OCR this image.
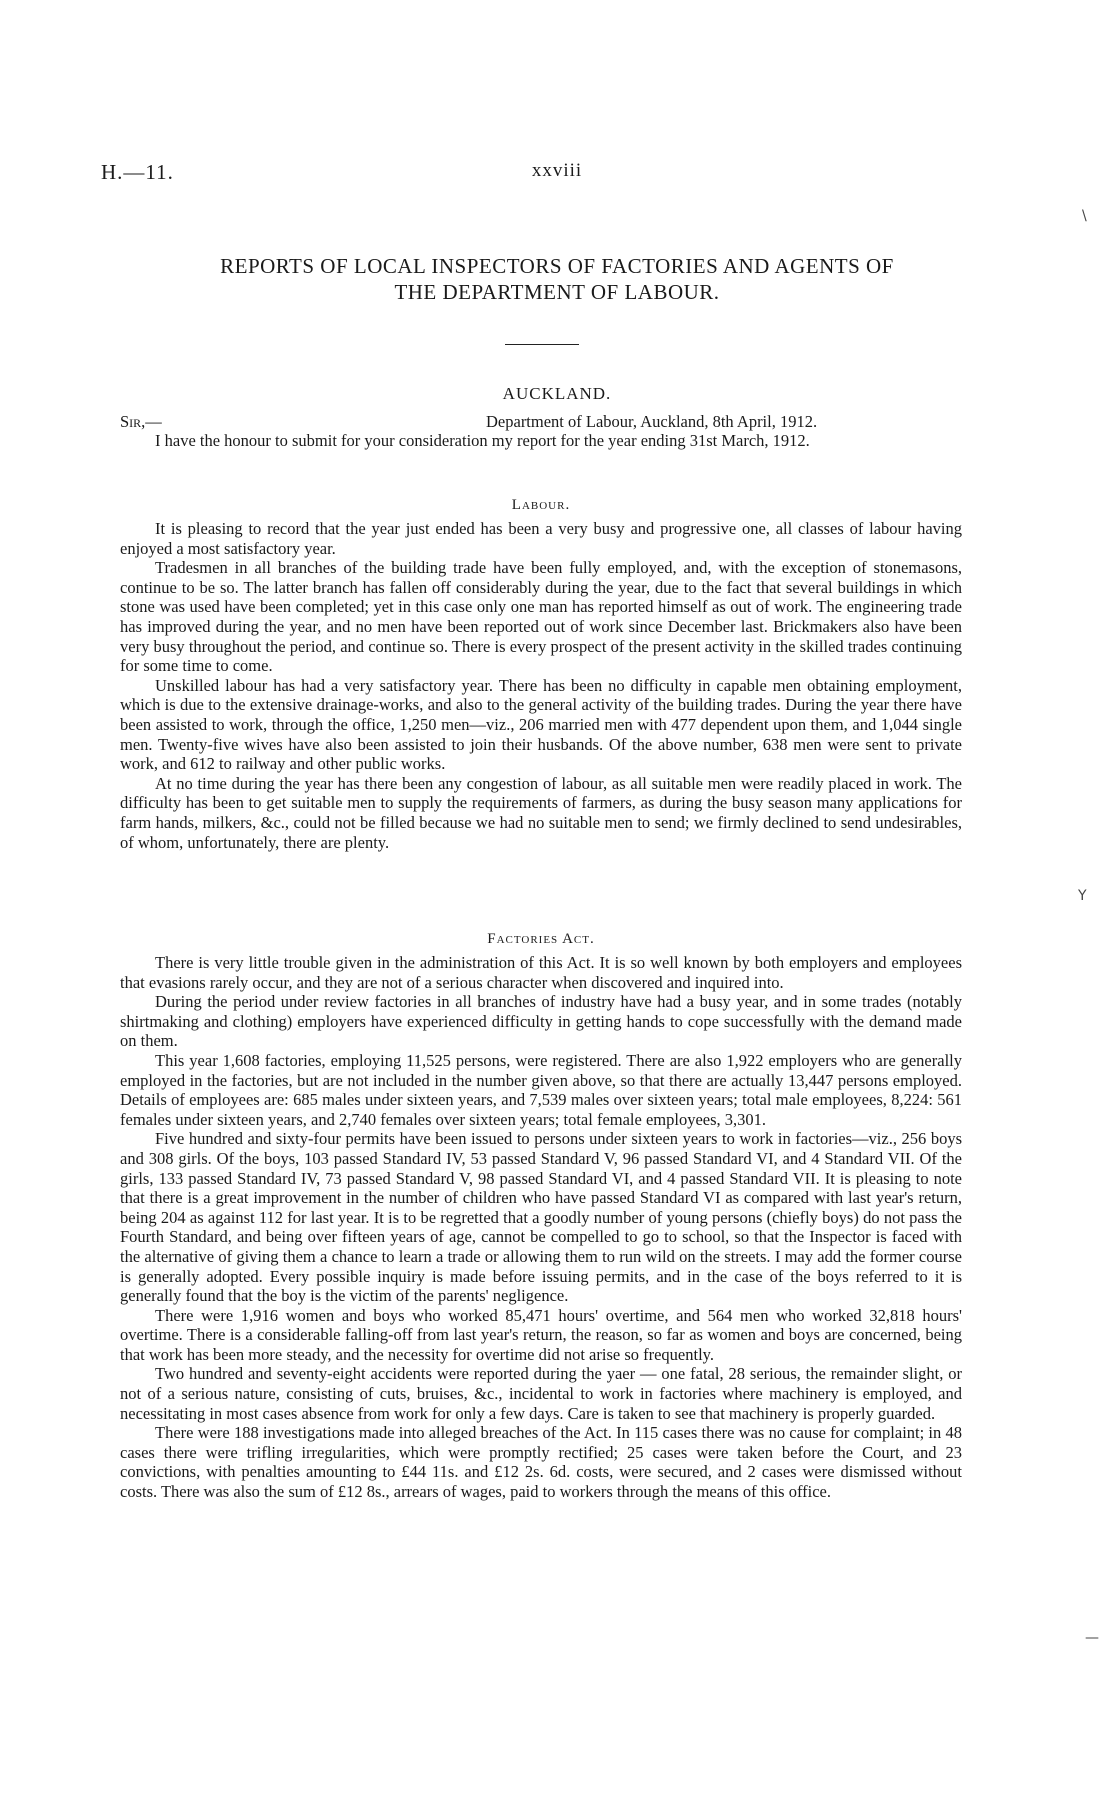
H.—11.	xxviii
REPORTS OF LOCAL INSPECTORS OF FACTORIES AND AGENTS OF
THE DEPARTMENT OF LABOUR.
AUCKLAND.
Sir,—	Department of Labour, Auckland, 8th April, 1912.

I have the honour to submit for your consideration my report for the year ending 31st March, 1912.

Labour.

It is pleasing to record that the year just ended has been a very busy and progressive one, all classes of labour having enjoyed a most satisfactory year.

Tradesmen in all branches of the building trade have been fully employed, and, with the exception of stonemasons, continue to be so. The latter branch has fallen off considerably during the year, due to the fact that several buildings in which stone was used have been completed; yet in this case only one man has reported himself as out of work. The engineering trade has improved during the year, and no men have been reported out of work since December last. Brickmakers also have been very busy throughout the period, and continue so. There is every prospect of the present activity in the skilled trades continuing for some time to come.

Unskilled labour has had a very satisfactory year. There has been no difficulty in capable men obtaining employment, which is due to the extensive drainage-works, and also to the general activity of the building trades. During the year there have been assisted to work, through the office, 1,250 men—viz., 206 married men with 477 dependent upon them, and 1,044 single men. Twenty-five wives have also been assisted to join their husbands. Of the above number, 638 men were sent to private work, and 612 to railway and other public works.

At no time during the year has there been any congestion of labour, as all suitable men were readily placed in work. The difficulty has been to get suitable men to supply the requirements of farmers, as during the busy season many applications for farm hands, milkers, &c., could not be filled because we had no suitable men to send; we firmly declined to send undesirables, of whom, unfortunately, there are plenty.

Factories Act.

There is very little trouble given in the administration of this Act. It is so well known by both employers and employees that evasions rarely occur, and they are not of a serious character when discovered and inquired into.

During the period under review factories in all branches of industry have had a busy year, and in some trades (notably shirtmaking and clothing) employers have experienced difficulty in getting hands to cope successfully with the demand made on them.

This year 1,608 factories, employing 11,525 persons, were registered. There are also 1,922 employers who are generally employed in the factories, but are not included in the number given above, so that there are actually 13,447 persons employed. Details of employees are: 685 males under sixteen years, and 7,539 males over sixteen years; total male employees, 8,224: 561 females under sixteen years, and 2,740 females over sixteen years; total female employees, 3,301.

Five hundred and sixty-four permits have been issued to persons under sixteen years to work in factories—viz., 256 boys and 308 girls. Of the boys, 103 passed Standard IV, 53 passed Standard V, 96 passed Standard VI, and 4 Standard VII. Of the girls, 133 passed Standard IV, 73 passed Standard V, 98 passed Standard VI, and 4 passed Standard VII. It is pleasing to note that there is a great improvement in the number of children who have passed Standard VI as compared with last year's return, being 204 as against 112 for last year. It is to be regretted that a goodly number of young persons (chiefly boys) do not pass the Fourth Standard, and being over fifteen years of age, cannot be compelled to go to school, so that the Inspector is faced with the alternative of giving them a chance to learn a trade or allowing them to run wild on the streets. I may add the former course is generally adopted. Every possible inquiry is made before issuing permits, and in the case of the boys referred to it is generally found that the boy is the victim of the parents' negligence.

There were 1,916 women and boys who worked 85,471 hours' overtime, and 564 men who worked 32,818 hours' overtime. There is a considerable falling-off from last year's return, the reason, so far as women and boys are concerned, being that work has been more steady, and the necessity for overtime did not arise so frequently.

Two hundred and seventy-eight accidents were reported during the yaer — one fatal, 28 serious, the remainder slight, or not of a serious nature, consisting of cuts, bruises, &c., incidental to work in factories where machinery is employed, and necessitating in most cases absence from work for only a few days. Care is taken to see that machinery is properly guarded.

There were 188 investigations made into alleged breaches of the Act. In 115 cases there was no cause for complaint; in 48 cases there were trifling irregularities, which were promptly rectified; 25 cases were taken before the Court, and 23 convictions, with penalties amounting to £44 11s. and £12 2s. 6d. costs, were secured, and 2 cases were dismissed without costs. There was also the sum of £12 8s., arrears of wages, paid to workers through the means of this office.

\
Y
—
